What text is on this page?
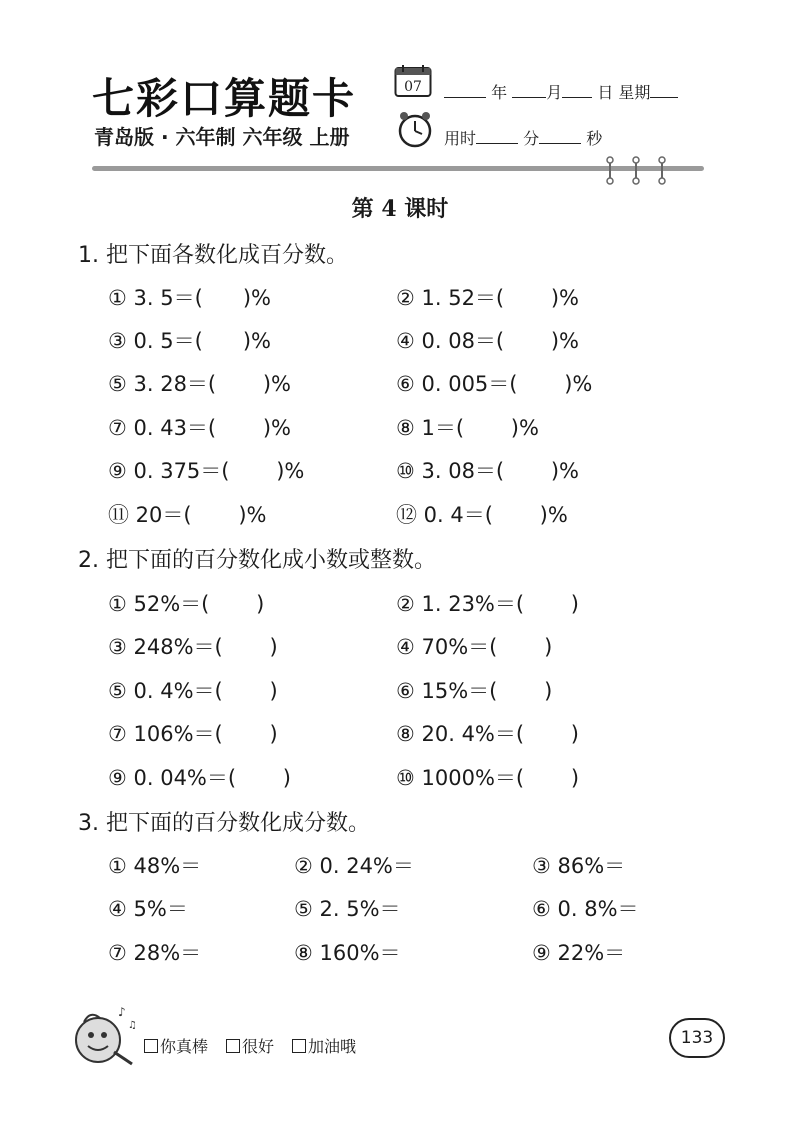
七彩口算题卡
青岛版 · 六年制 六年级 上册
07	年 月 日 星期
用时	分	秒
第 4 课时
1. 把下面各数化成百分数。
① 3. 5＝(      )%	② 1. 52＝(       )%
③ 0. 5＝(      )%	④ 0. 08＝(       )%
⑤ 3. 28＝(       )%	⑥ 0. 005＝(       )%
⑦ 0. 43＝(       )%	⑧ 1＝(       )%
⑨ 0. 375＝(       )%	⑩ 3. 08＝(       )%
⑪ 20＝(       )%	⑫ 0. 4＝(       )%
2. 把下面的百分数化成小数或整数。
① 52%＝(       )	② 1. 23%＝(       )
③ 248%＝(       )	④ 70%＝(       )
⑤ 0. 4%＝(       )	⑥ 15%＝(       )
⑦ 106%＝(       )	⑧ 20. 4%＝(       )
⑨ 0. 04%＝(       )	⑩ 1000%＝(       )
3. 把下面的百分数化成分数。
① 48%＝	② 0. 24%＝	③ 86%＝
④ 5%＝	⑤ 2. 5%＝	⑥ 0. 8%＝
⑦ 28%＝	⑧ 160%＝	⑨ 22%＝
♪
♫
你真棒 很好 加油哦	133
